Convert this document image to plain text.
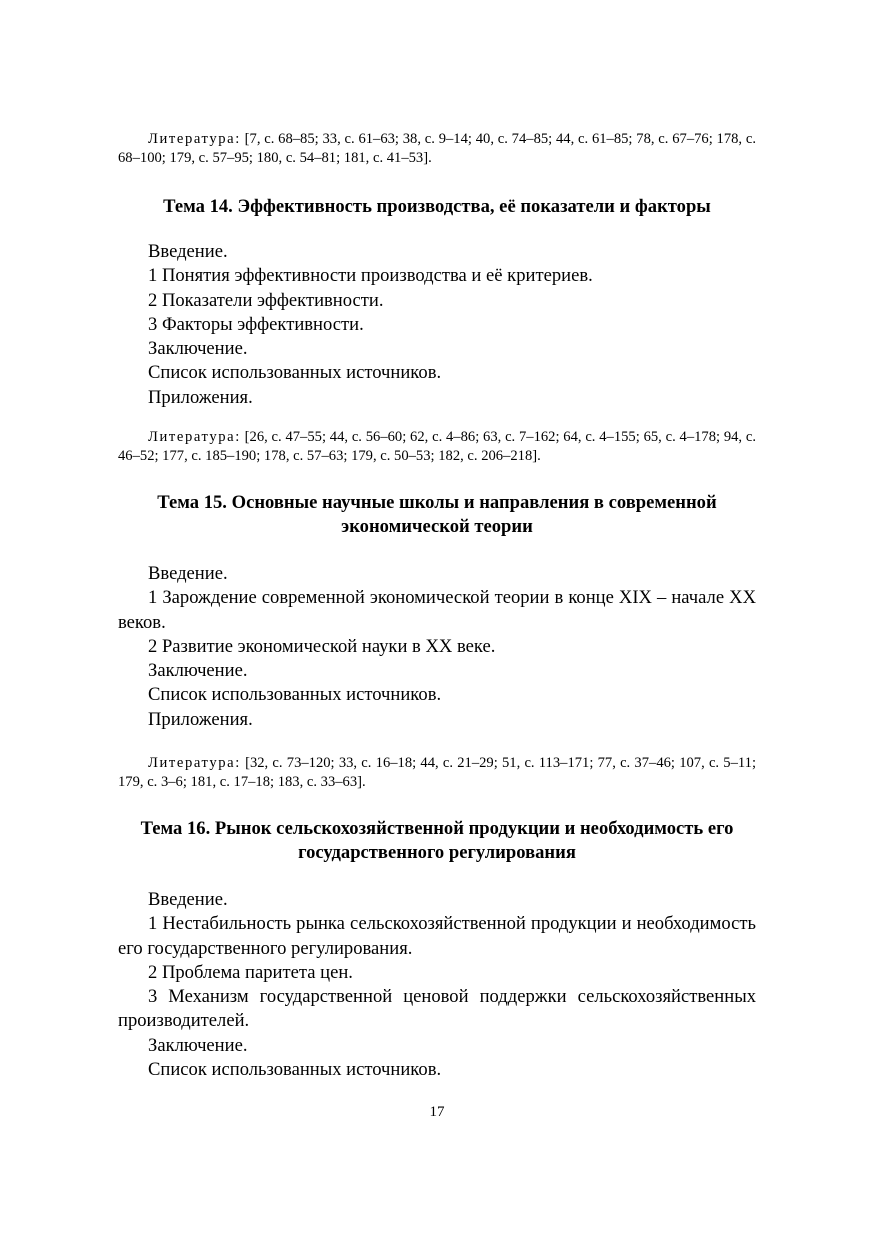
Литература: [7, с. 68–85; 33, с. 61–63; 38, с. 9–14; 40, с. 74–85; 44, с. 61–85; 78, с. 67–76; 178, с. 68–100; 179, с. 57–95; 180, с. 54–81; 181, с. 41–53].
Тема 14. Эффективность производства, её показатели и факторы

Введение.

1 Понятия эффективности производства и её критериев.

2 Показатели эффективности.

3 Факторы эффективности.

Заключение.

Список использованных источников.

Приложения.

Литература: [26, с. 47–55; 44, с. 56–60; 62, с. 4–86; 63, с. 7–162; 64, с. 4–155; 65, с. 4–178; 94, с. 46–52; 177, с. 185–190; 178, с. 57–63; 179, с. 50–53; 182, с. 206–218].
Тема 15. Основные научные школы и направления в современной экономической теории

Введение.

1 Зарождение современной экономической теории в конце XIX – начале XX веков.

2 Развитие экономической науки в XX веке.

Заключение.

Список использованных источников.

Приложения.

Литература: [32, с. 73–120; 33, с. 16–18; 44, с. 21–29; 51, с. 113–171; 77, с. 37–46; 107, с. 5–11; 179, с. 3–6; 181, с. 17–18; 183, с. 33–63].
Тема 16. Рынок сельскохозяйственной продукции и необходимость его государственного регулирования

Введение.

1 Нестабильность рынка сельскохозяйственной продукции и необходимость его государственного регулирования.

2 Проблема паритета цен.

3 Механизм государственной ценовой поддержки сельскохозяйственных производителей.

Заключение.

Список использованных источников.

17
